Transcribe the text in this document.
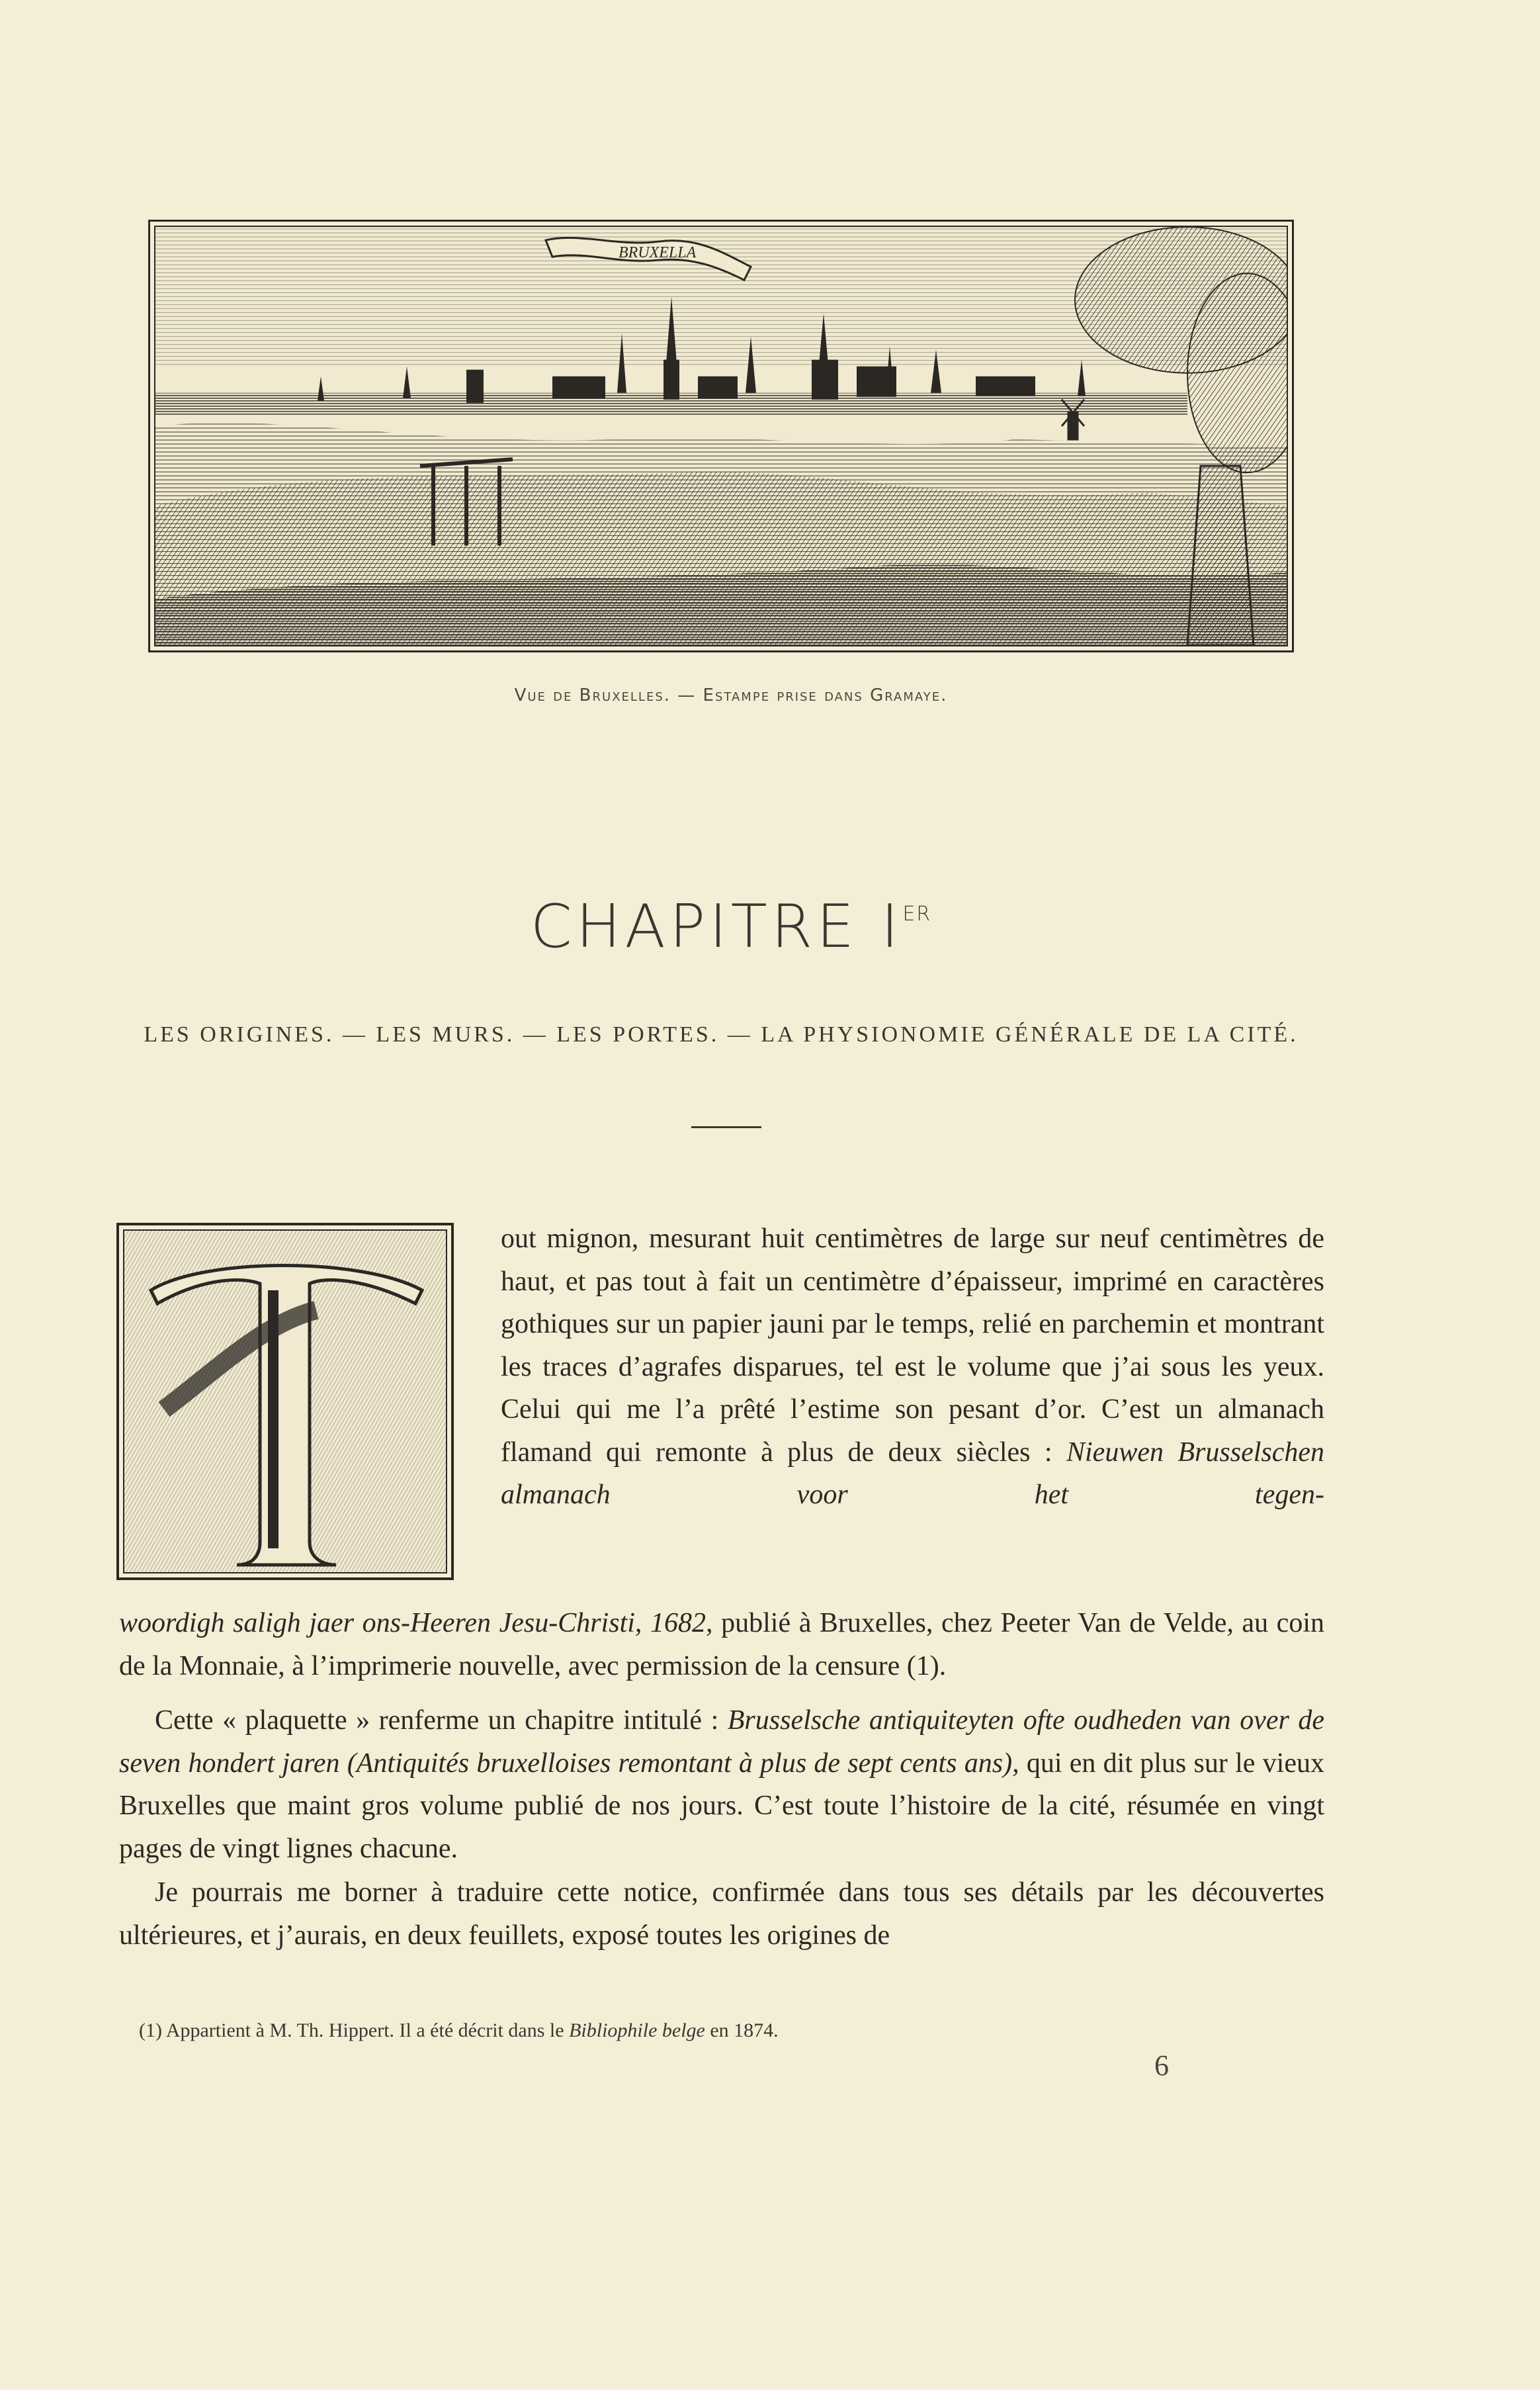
BRUXELLA
Vue de Bruxelles. — Estampe prise dans Gramaye.
CHAPITRE IER
LES ORIGINES. — LES MURS. — LES PORTES. — LA PHYSIONOMIE GÉNÉRALE DE LA CITÉ.

out mignon, mesurant huit centimètres de large sur neuf centimètres de haut, et pas tout à fait un centimètre d’épaisseur, imprimé en caractères gothiques sur un papier jauni par le temps, relié en parchemin et montrant les traces d’agrafes disparues, tel est le volume que j’ai sous les yeux. Celui qui me l’a prêté l’estime son pesant d’or. C’est un almanach flamand qui remonte à plus de deux siècles : Nieuwen Brusselschen almanach voor het tegen-

woordigh saligh jaer ons-Heeren Jesu-Christi, 1682, publié à Bruxelles, chez Peeter Van de Velde, au coin de la Monnaie, à l’imprimerie nouvelle, avec permission de la censure (1).

Cette « plaquette » renferme un chapitre intitulé : Brusselsche antiquiteyten ofte oudheden van over de seven hondert jaren (Antiquités bruxelloises remontant à plus de sept cents ans), qui en dit plus sur le vieux Bruxelles que maint gros volume publié de nos jours. C’est toute l’histoire de la cité, résumée en vingt pages de vingt lignes chacune.

Je pourrais me borner à traduire cette notice, confirmée dans tous ses détails par les découvertes ultérieures, et j’aurais, en deux feuillets, exposé toutes les origines de

(1) Appartient à M. Th. Hippert. Il a été décrit dans le Bibliophile belge en 1874.
6
